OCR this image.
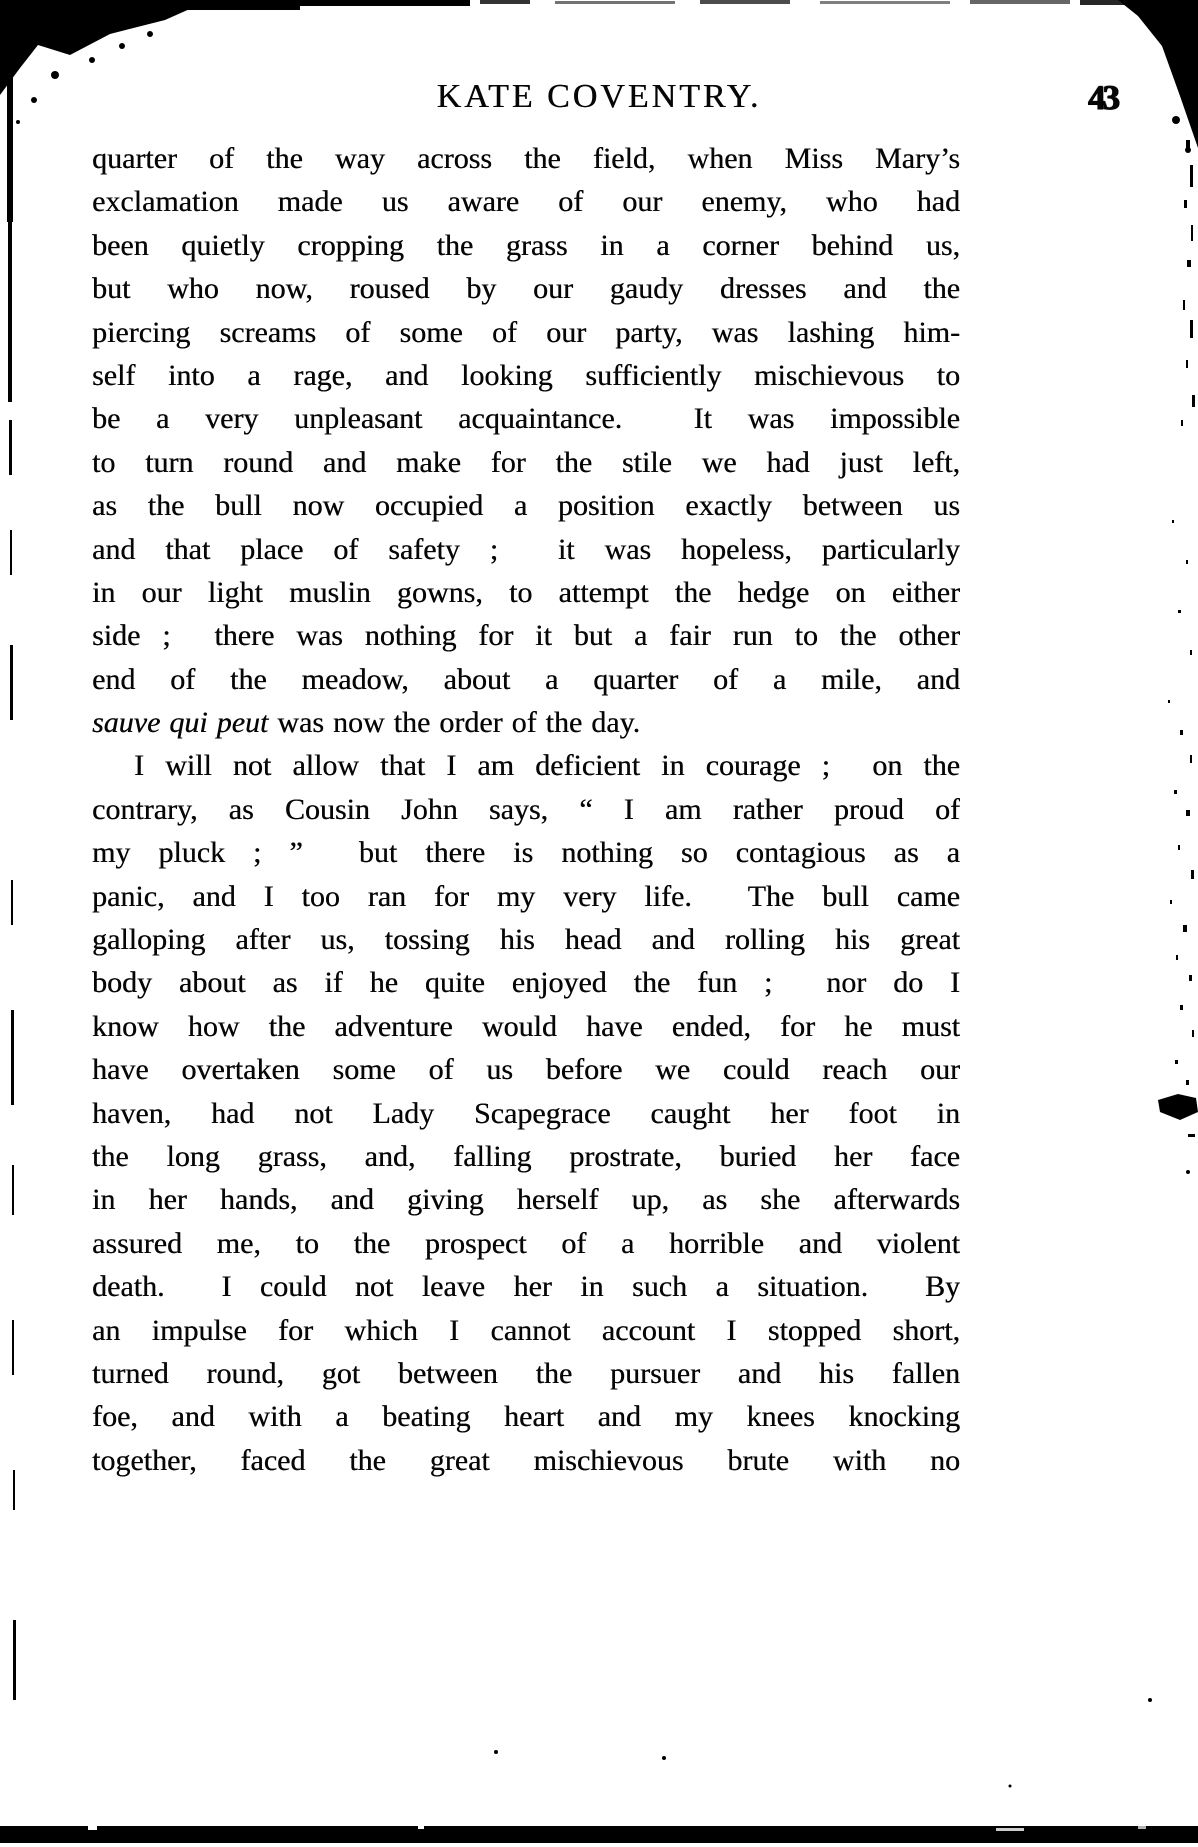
KATE COVENTRY.	43
quarter of the way across the field, when Miss Mary’s
exclamation made us aware of our enemy, who had
been quietly cropping the grass in a corner behind us,
but who now, roused by our gaudy dresses and the
piercing screams of some of our party, was lashing him-
self into a rage, and looking sufficiently mischievous to
be a very unpleasant acquaintance.  It was impossible
to turn round and make for the stile we had just left,
as the bull now occupied a position exactly between us
and that place of safety ;  it was hopeless, particularly
in our light muslin gowns, to attempt the hedge on either
side ;  there was nothing for it but a fair run to the other
end of the meadow, about a quarter of a mile, and
sauve qui peut was now the order of the day.
I will not allow that I am deficient in courage ;  on the
contrary, as Cousin John says, “ I am rather proud of
my pluck ; ”  but there is nothing so contagious as a
panic, and I too ran for my very life.  The bull came
galloping after us, tossing his head and rolling his great
body about as if he quite enjoyed the fun ;  nor do I
know how the adventure would have ended, for he must
have overtaken some of us before we could reach our
haven, had not Lady Scapegrace caught her foot in
the long grass, and, falling prostrate, buried her face
in her hands, and giving herself up, as she afterwards
assured me, to the prospect of a horrible and violent
death.  I could not leave her in such a situation.  By
an impulse for which I cannot account I stopped short,
turned round, got between the pursuer and his fallen
foe, and with a beating heart and my knees knocking
together, faced the great mischievous brute with no
